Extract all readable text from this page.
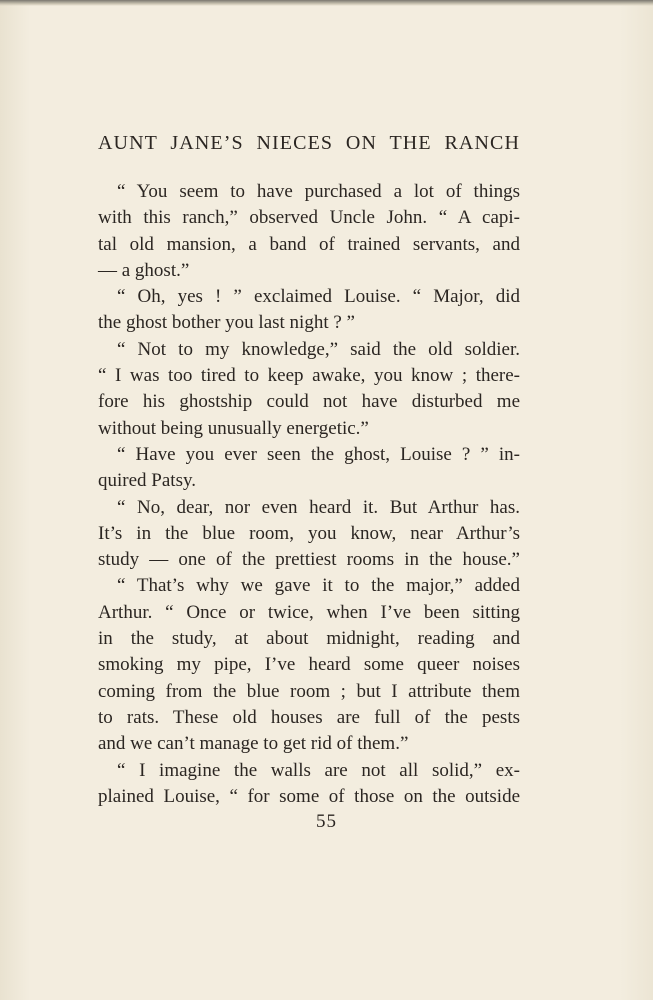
AUNT JANE’S NIECES ON THE RANCH
“ You seem to have purchased a lot of things
with this ranch,” observed Uncle John. “ A capi-
tal old mansion, a band of trained servants, and
— a ghost.”
“ Oh, yes ! ” exclaimed Louise. “ Major, did
the ghost bother you last night ? ”
“ Not to my knowledge,” said the old soldier.
“ I was too tired to keep awake, you know ; there-
fore his ghostship could not have disturbed me
without being unusually energetic.”
“ Have you ever seen the ghost, Louise ? ” in-
quired Patsy.
“ No, dear, nor even heard it. But Arthur has.
It’s in the blue room, you know, near Arthur’s
study — one of the prettiest rooms in the house.”
“ That’s why we gave it to the major,” added
Arthur. “ Once or twice, when I’ve been sitting
in the study, at about midnight, reading and
smoking my pipe, I’ve heard some queer noises
coming from the blue room ; but I attribute them
to rats. These old houses are full of the pests
and we can’t manage to get rid of them.”
“ I imagine the walls are not all solid,” ex-
plained Louise, “ for some of those on the outside
55
